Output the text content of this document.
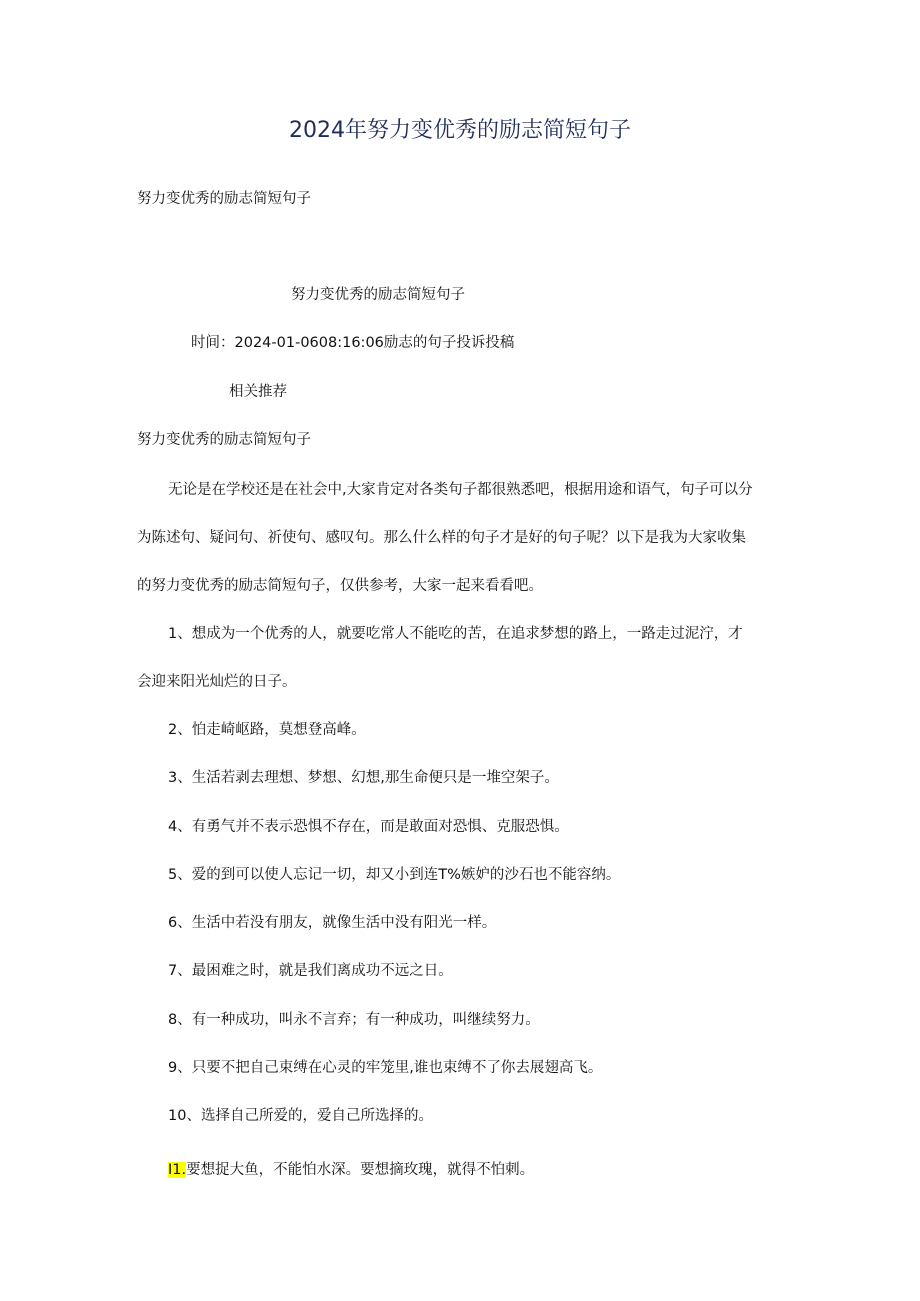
2024年努力变优秀的励志简短句子
努力变优秀的励志简短句子
努力变优秀的励志简短句子
时间：2024-01-0608:16:06励志的句子投诉投稿
相关推荐
努力变优秀的励志简短句子
无论是在学校还是在社会中,大家肯定对各类句子都很熟悉吧，根据用途和语气，句子可以分
为陈述句、疑问句、祈使句、感叹句。那么什么样的句子才是好的句子呢？以下是我为大家收集
的努力变优秀的励志简短句子，仅供参考，大家一起来看看吧。
1、想成为一个优秀的人，就要吃常人不能吃的苦，在追求梦想的路上，一路走过泥泞，才
会迎来阳光灿烂的日子。
2、怕走崎岖路，莫想登高峰。
3、生活若剥去理想、梦想、幻想,那生命便只是一堆空架子。
4、有勇气并不表示恐惧不存在，而是敢面对恐惧、克服恐惧。
5、爱的到可以使人忘记一切，却又小到连T%嫉妒的沙石也不能容纳。
6、生活中若没有朋友，就像生活中没有阳光一样。
7、最困难之时，就是我们离成功不远之日。
8、有一种成功，叫永不言弃；有一种成功，叫继续努力。
9、只要不把自己束缚在心灵的牢笼里,谁也束缚不了你去展翅高飞。
10、选择自己所爱的，爱自己所选择的。
I1.要想捉大鱼，不能怕水深。要想摘玫瑰，就得不怕刺。
